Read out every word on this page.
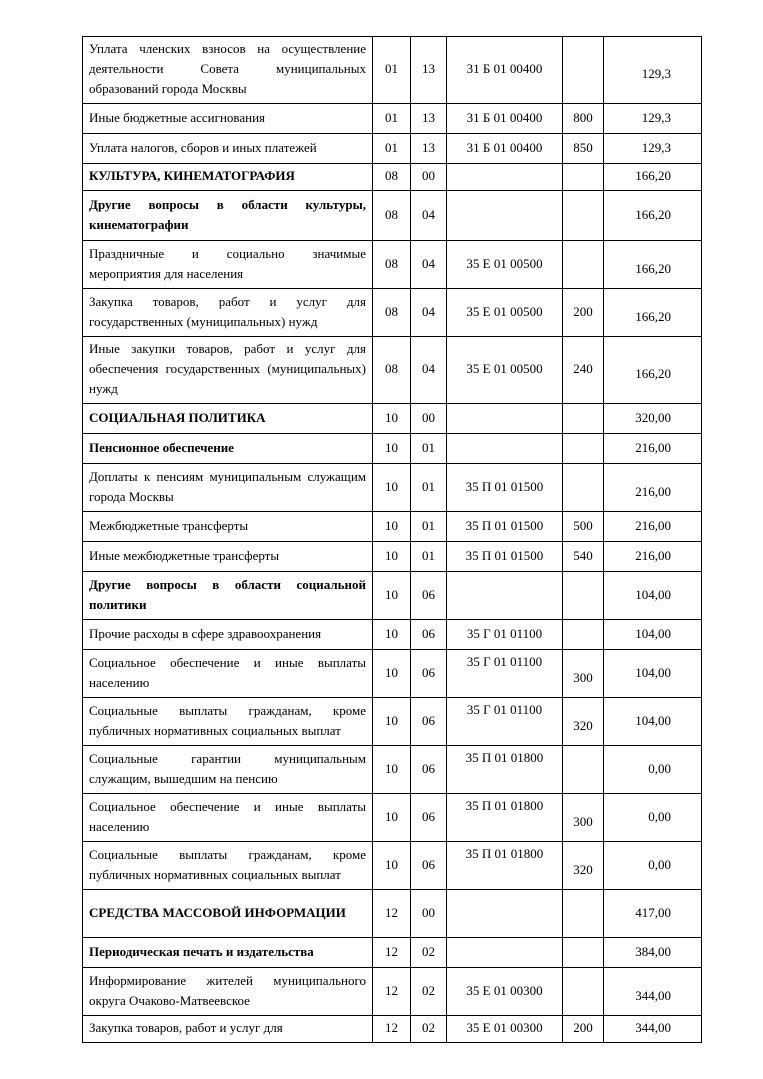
Уплата членских взносов на осуществление деятельности Совета муниципальных образований города Москвы	01	13	31 Б 01 00400		129,3
Иные бюджетные ассигнования	01	13	31 Б 01 00400	800	129,3
Уплата налогов, сборов и иных платежей	01	13	31 Б 01 00400	850	129,3
КУЛЬТУРА, КИНЕМАТОГРАФИЯ	08	00			166,20
Другие вопросы в области культуры, кинематографии	08	04			166,20
Праздничные и социально значимые мероприятия для населения	08	04	35 Е 01 00500		166,20
Закупка товаров, работ и услуг для государственных (муниципальных) нужд	08	04	35 Е 01 00500	200	166,20
Иные закупки товаров, работ и услуг для обеспечения государственных (муниципальных) нужд	08	04	35 Е 01 00500	240	166,20
СОЦИАЛЬНАЯ ПОЛИТИКА	10	00			320,00
Пенсионное обеспечение	10	01			216,00
Доплаты к пенсиям муниципальным служащим города Москвы	10	01	35 П 01 01500		216,00
Межбюджетные трансферты	10	01	35 П 01 01500	500	216,00
Иные межбюджетные трансферты	10	01	35 П 01 01500	540	216,00
Другие вопросы в области социальной политики	10	06			104,00
Прочие расходы в сфере здравоохранения	10	06	35 Г 01 01100		104,00
Социальное обеспечение и иные выплаты населению	10	06	35 Г 01 01100	300	104,00
Социальные выплаты гражданам, кроме публичных нормативных социальных выплат	10	06	35 Г 01 01100	320	104,00
Социальные гарантии муниципальным служащим, вышедшим на пенсию	10	06	35 П 01 01800		0,00
Социальное обеспечение и иные выплаты населению	10	06	35 П 01 01800	300	0,00
Социальные выплаты гражданам, кроме публичных нормативных социальных выплат	10	06	35 П 01 01800	320	0,00
СРЕДСТВА МАССОВОЙ ИНФОРМАЦИИ	12	00			417,00
Периодическая печать и издательства	12	02			384,00
Информирование жителей муниципального округа Очаково-Матвеевское	12	02	35 Е 01 00300		344,00
Закупка товаров, работ и услуг для	12	02	35 Е 01 00300	200	344,00
